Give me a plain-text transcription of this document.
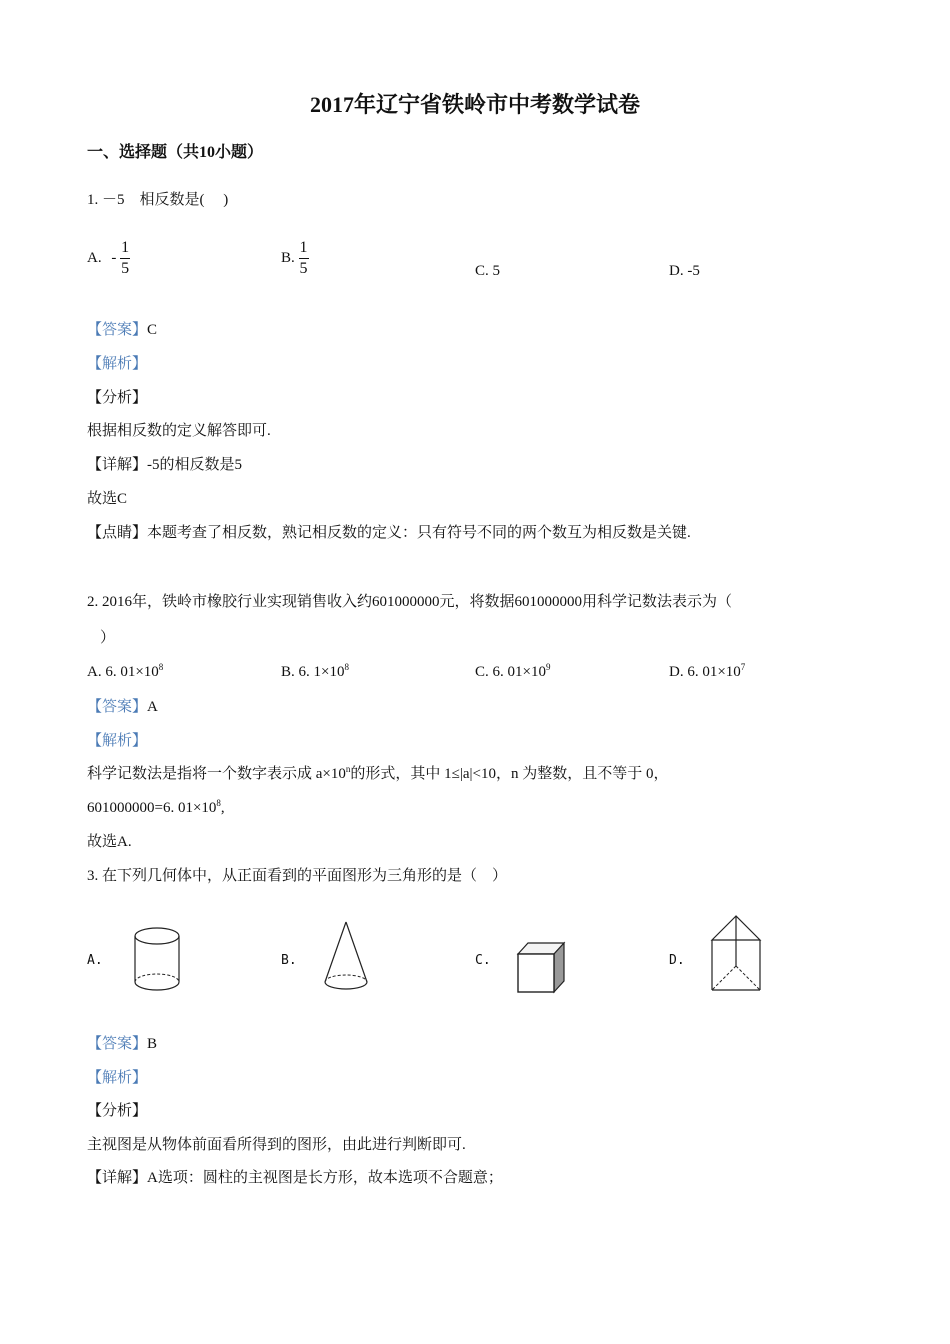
2017年辽宁省铁岭市中考数学试卷
一、选择题（共10小题）
1. －5　相反数是(　 )
A. - $\frac{1}{5}$	B. $\frac{1}{5}$	C. 5	D. -5
【答案】C
【解析】
【分析】
根据相反数的定义解答即可.
【详解】-5的相反数是5
故选C
【点睛】本题考查了相反数，熟记相反数的定义：只有符号不同的两个数互为相反数是关键.
2. 2016年，铁岭市橡胶行业实现销售收入约601000000元，将数据601000000用科学记数法表示为（
）
A. 6. $01\times 10^8$	B. 6. $1\times 10^8$	C. 6. $01\times 10^9$	D. 6. $01\times 10^7$
【答案】A
【解析】
科学记数法是指将一个数字表示成 $a\times 10^n$的形式，其中 1≤|a|<10，n 为整数，且不等于 0，
601000000=6. $01\times 10^8$,
故选A.
3. 在下列几何体中，从正面看到的平面图形为三角形的是（　）
A.	B.	C.	D.
【答案】B
【解析】
【分析】
主视图是从物体前面看所得到的图形，由此进行判断即可.
【详解】A选项：圆柱的主视图是长方形，故本选项不合题意；
